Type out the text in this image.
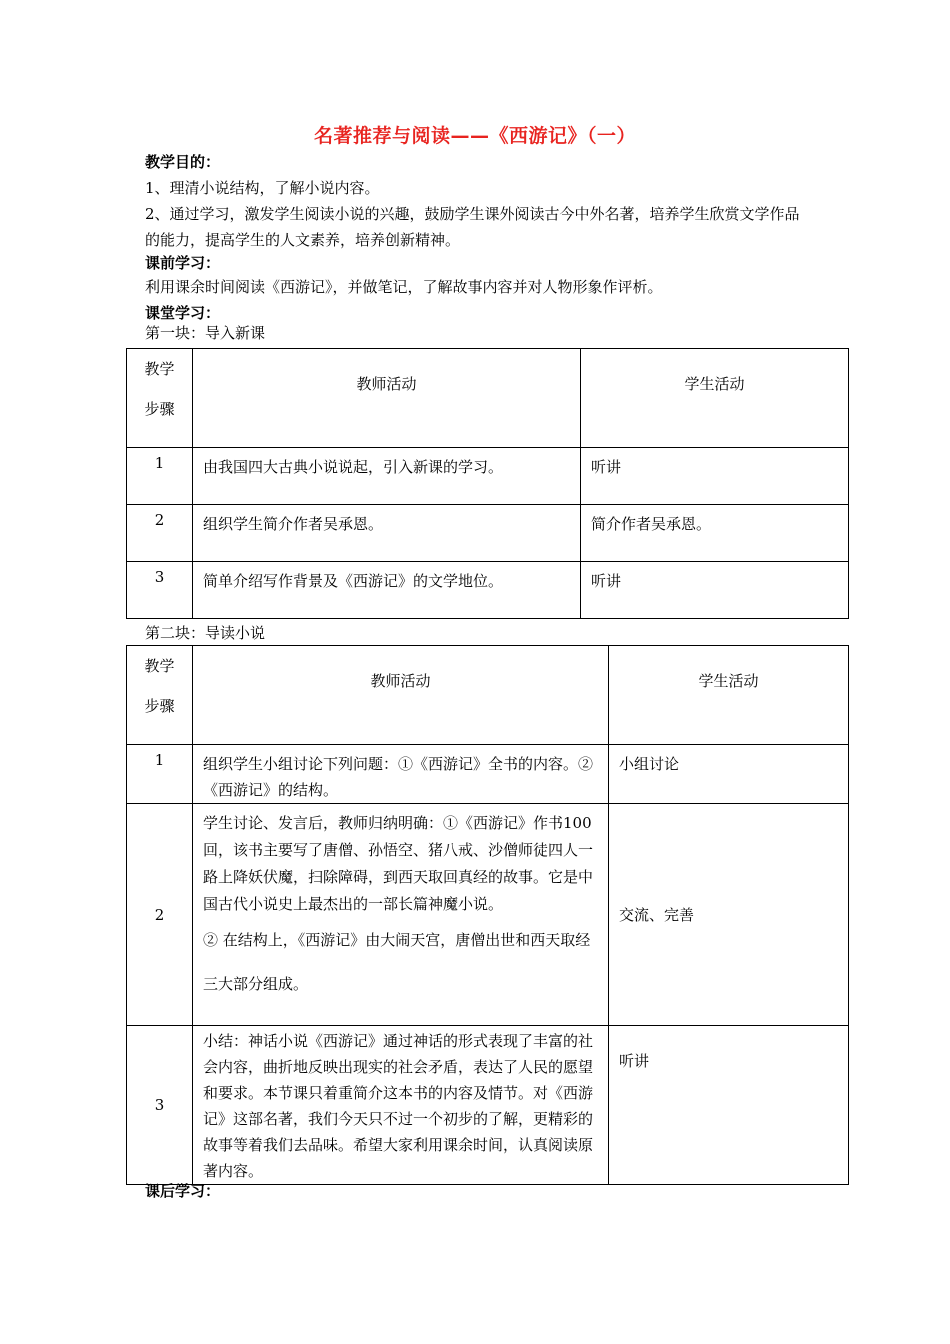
名著推荐与阅读——《西游记》（一）
教学目的：
1、理清小说结构，了解小说内容。
2、通过学习，激发学生阅读小说的兴趣，鼓励学生课外阅读古今中外名著，培养学生欣赏文学作品的能力，提高学生的人文素养，培养创新精神。
课前学习：
利用课余时间阅读《西游记》，并做笔记，了解故事内容并对人物形象作评析。
课堂学习：
第一块：导入新课
教学
步骤	教师活动	学生活动
1	由我国四大古典小说说起，引入新课的学习。	听讲
2	组织学生简介作者吴承恩。	简介作者吴承恩。
3	简单介绍写作背景及《西游记》的文学地位。	听讲
第二块：导读小说
教学
步骤	教师活动	学生活动
1	组织学生小组讨论下列问题：①《西游记》全书的内容。②《西游记》的结构。	小组讨论
2	学生讨论、发言后，教师归纳明确：①《西游记》作书100回，该书主要写了唐僧、孙悟空、猪八戒、沙僧师徒四人一路上降妖伏魔，扫除障碍，到西天取回真经的故事。它是中国古代小说史上最杰出的一部长篇神魔小说。
② 在结构上，《西游记》由大闹天宫，唐僧出世和西天取经三大部分组成。	交流、完善
3	小结：神话小说《西游记》通过神话的形式表现了丰富的社会内容，曲折地反映出现实的社会矛盾，表达了人民的愿望和要求。本节课只着重简介这本书的内容及情节。对《西游记》这部名著，我们今天只不过一个初步的了解，更精彩的故事等着我们去品味。希望大家利用课余时间，认真阅读原著内容。	听讲
课后学习：
